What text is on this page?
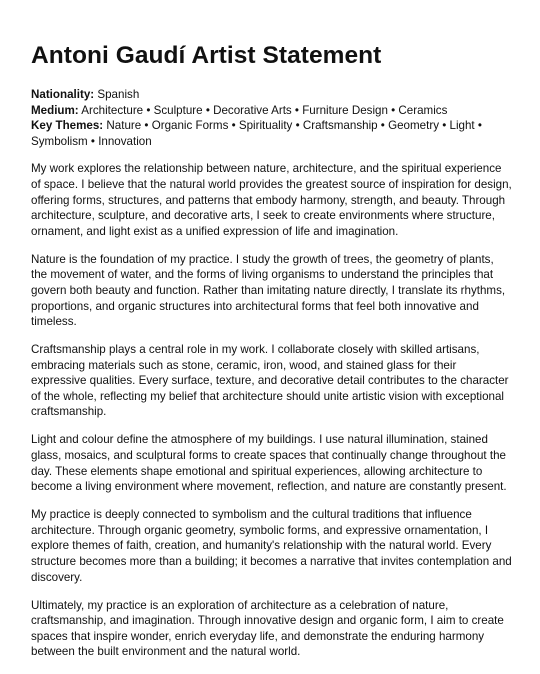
Antoni Gaudí Artist Statement
Nationality: Spanish
Medium: Architecture • Sculpture • Decorative Arts • Furniture Design • Ceramics
Key Themes: Nature • Organic Forms • Spirituality • Craftsmanship • Geometry • Light • Symbolism • Innovation

My work explores the relationship between nature, architecture, and the spiritual experience of space. I believe that the natural world provides the greatest source of inspiration for design, offering forms, structures, and patterns that embody harmony, strength, and beauty. Through architecture, sculpture, and decorative arts, I seek to create environments where structure, ornament, and light exist as a unified expression of life and imagination.

Nature is the foundation of my practice. I study the growth of trees, the geometry of plants, the movement of water, and the forms of living organisms to understand the principles that govern both beauty and function. Rather than imitating nature directly, I translate its rhythms, proportions, and organic structures into architectural forms that feel both innovative and timeless.

Craftsmanship plays a central role in my work. I collaborate closely with skilled artisans, embracing materials such as stone, ceramic, iron, wood, and stained glass for their expressive qualities. Every surface, texture, and decorative detail contributes to the character of the whole, reflecting my belief that architecture should unite artistic vision with exceptional craftsmanship.

Light and colour define the atmosphere of my buildings. I use natural illumination, stained glass, mosaics, and sculptural forms to create spaces that continually change throughout the day. These elements shape emotional and spiritual experiences, allowing architecture to become a living environment where movement, reflection, and nature are constantly present.

My practice is deeply connected to symbolism and the cultural traditions that influence architecture. Through organic geometry, symbolic forms, and expressive ornamentation, I explore themes of faith, creation, and humanity's relationship with the natural world. Every structure becomes more than a building; it becomes a narrative that invites contemplation and discovery.

Ultimately, my practice is an exploration of architecture as a celebration of nature, craftsmanship, and imagination. Through innovative design and organic form, I aim to create spaces that inspire wonder, enrich everyday life, and demonstrate the enduring harmony between the built environment and the natural world.
